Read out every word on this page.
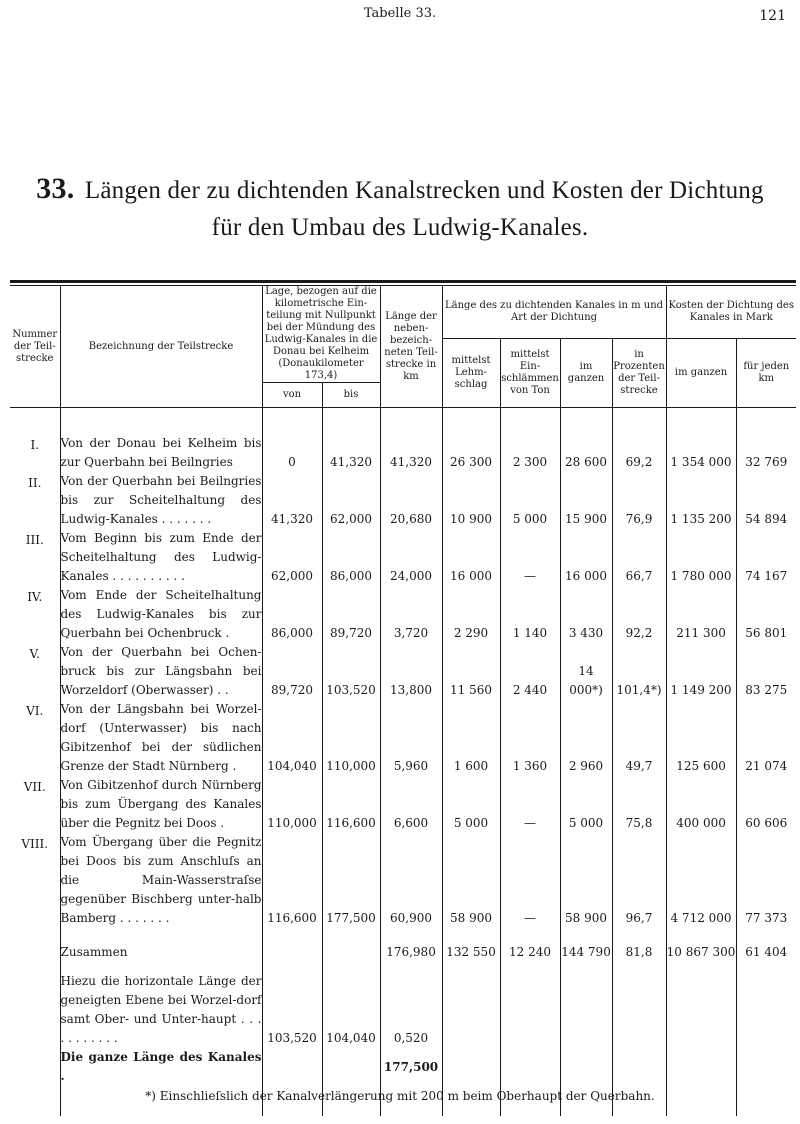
Tabelle 33.	121
33. Längen der zu dichtenden Kanalstrecken und Kosten der Dichtung
für den Umbau des Ludwig-Kanales.
Nummer der Teil-strecke	Bezeichnung der Teilstrecke	Lage, bezogen auf die kilometrische Ein-teilung mit Nullpunkt bei der Mündung des Ludwig-Kanales in die Donau bei Kelheim (Donaukilometer 173,4)		Länge der neben-bezeich-neten Teil-strecke in km	Länge des zu dichtenden Kanales in m und Art der Dichtung				Kosten der Dichtung des Kanales in Mark	
					mittelst Lehm-schlag	mittelst Ein-schlämmen von Ton	im ganzen	in Prozenten der Teil-strecke	im ganzen	für jeden km
		von	bis							

I.	Von der Donau bei Kelheim bis zur Querbahn bei Beilngries	0	41,320	41,320	26 300	2 300	28 600	69,2	1 354 000	32 769
II.	Von der Querbahn bei Beilngries bis zur Scheitelhaltung des Ludwig-Kanales . . . . . . .	41,320	62,000	20,680	10 900	5 000	15 900	76,9	1 135 200	54 894
III.	Vom Beginn bis zum Ende der Scheitelhaltung des Ludwig-Kanales . . . . . . . . . .	62,000	86,000	24,000	16 000	—	16 000	66,7	1 780 000	74 167
IV.	Vom Ende der Scheitelhaltung des Ludwig-Kanales bis zur Querbahn bei Ochenbruck .	86,000	89,720	3,720	2 290	1 140	3 430	92,2	211 300	56 801
V.	Von der Querbahn bei Ochen-bruck bis zur Längsbahn bei Worzeldorf (Oberwasser) . .	89,720	103,520	13,800	11 560	2 440	14 000*)	101,4*)	1 149 200	83 275
VI.	Von der Längsbahn bei Worzel-dorf (Unterwasser) bis nach Gibitzenhof bei der südlichen Grenze der Stadt Nürnberg .	104,040	110,000	5,960	1 600	1 360	2 960	49,7	125 600	21 074
VII.	Von Gibitzenhof durch Nürnberg bis zum Übergang des Kanales über die Pegnitz bei Doos .	110,000	116,600	6,600	5 000	—	5 000	75,8	400 000	60 606
VIII.	Vom Übergang über die Pegnitz bei Doos bis zum Anschluſs an die Main-Wasserstraſse gegenüber Bischberg unter-halb Bamberg . . . . . . .	116,600	177,500	60,900	58 900	—	58 900	96,7	4 712 000	77 373
	Zusammen			176,980	132 550	12 240	144 790	81,8	10 867 300	61 404
	Hiezu die horizontale Länge der geneigten Ebene bei Worzel-dorf samt Ober- und Unter-haupt . . . . . . . . . . .	103,520	104,040	0,520						
	Die ganze Länge des Kanales .			177,500						

*) Einschlieſslich der Kanalverlängerung mit 200 m beim Oberhaupt der Querbahn.
